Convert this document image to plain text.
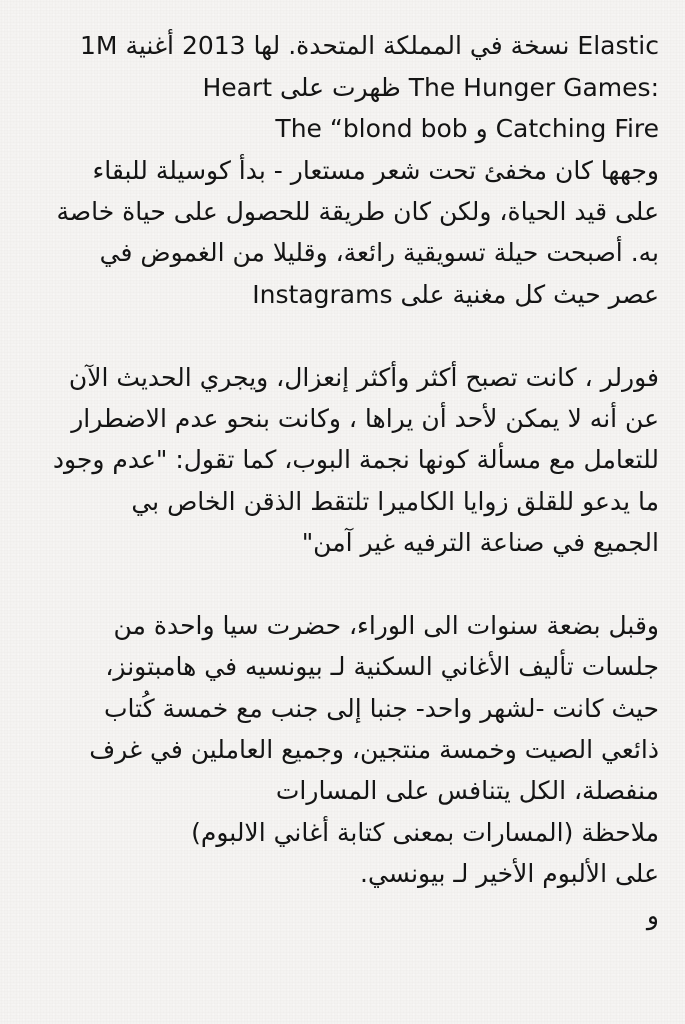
1M نسخة في المملكة المتحدة. لها 2013 أغنية Elastic
Heart ظهرت على The Hunger Games:
The “blond bob و Catching Fire
وجهها كان مخفئ تحت شعر مستعار - بدأ كوسيلة للبقاء
على قيد الحياة، ولكن كان طريقة للحصول على حياة خاصة
به. أصبحت حيلة تسويقية رائعة، وقليلا من الغموض في
عصر حيث كل مغنية على Instagrams
فورلر ، كانت تصبح أكثر وأكثر إنعزال، ويجري الحديث الآن
عن أنه لا يمكن لأحد أن يراها ، وكانت بنحو عدم الاضطرار
للتعامل مع مسألة كونها نجمة البوب، كما تقول: "عدم وجود
ما يدعو للقلق زوايا الكاميرا تلتقط الذقن الخاص بي
الجميع في صناعة الترفيه غير آمن"
وقبل بضعة سنوات الى الوراء، حضرت سيا واحدة من
جلسات تأليف الأغاني السكنية لـ بيونسيه في هامبتونز،
حيث كانت -لشهر واحد- جنبا إلى جنب مع خمسة كُتاب
ذائعي الصيت وخمسة منتجين، وجميع العاملين في غرف
منفصلة، الكل يتنافس على المسارات
ملاحظة (المسارات بمعنى كتابة أغاني الالبوم)
على الألبوم الأخير لـ بيونسي.
و
